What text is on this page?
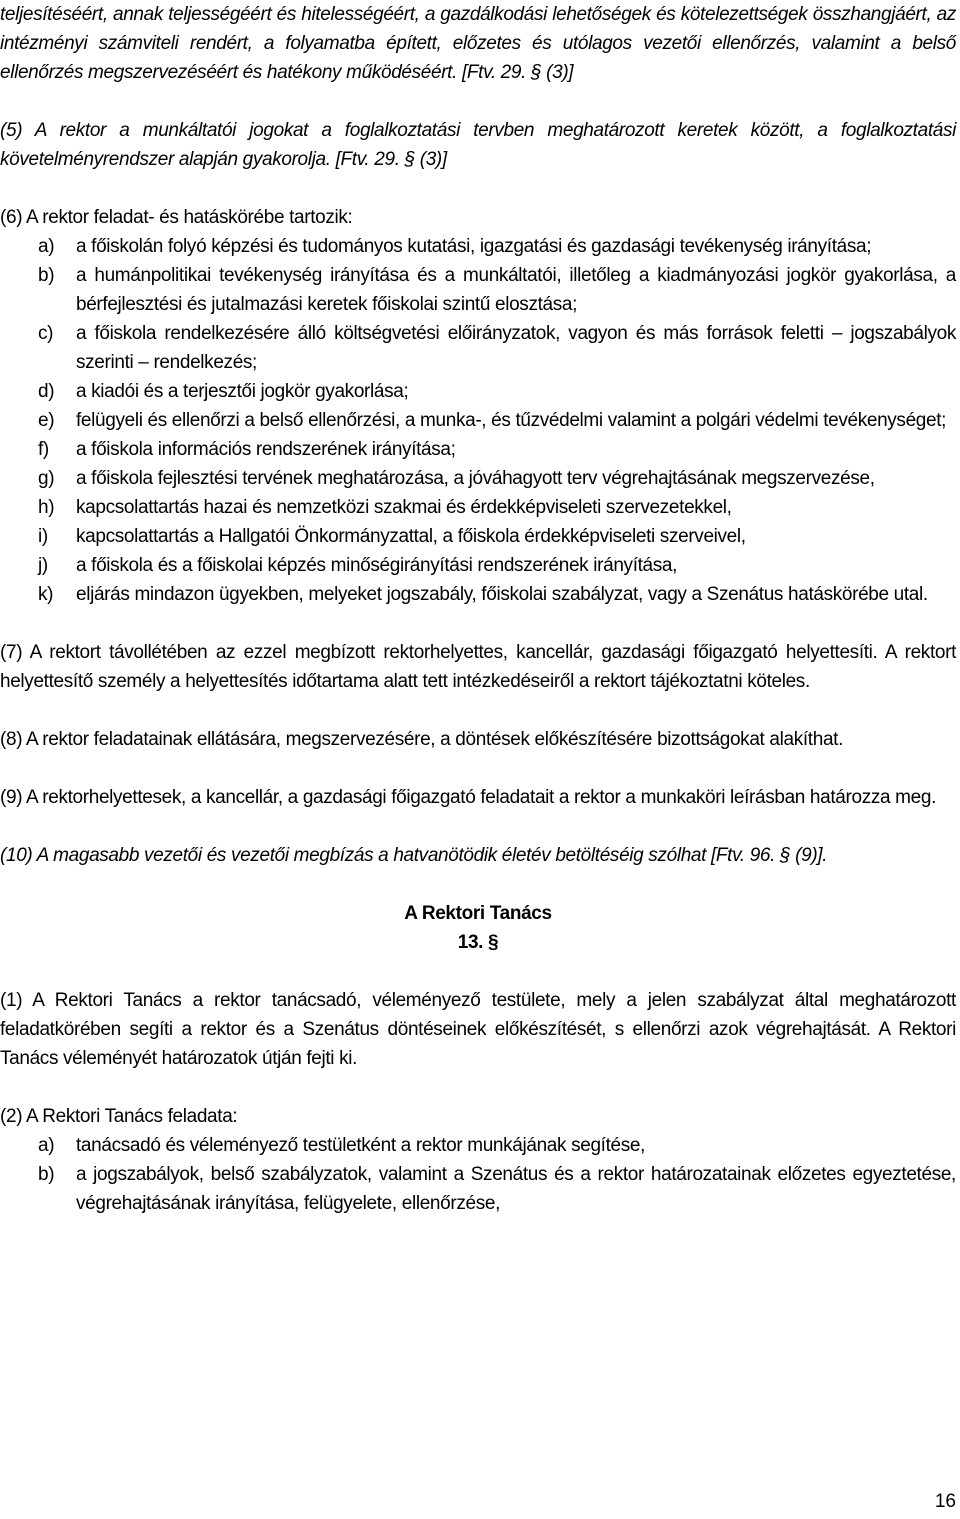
teljesítéséért, annak teljességéért és hitelességéért, a gazdálkodási lehetőségek és kötelezettségek összhangjáért, az intézményi számviteli rendért, a folyamatba épített, előzetes és utólagos vezetői ellenőrzés, valamint a belső ellenőrzés megszervezéséért és hatékony működéséért. [Ftv. 29. § (3)]

(5) A rektor a munkáltatói jogokat a foglalkoztatási tervben meghatározott keretek között, a foglalkoztatási követelményrendszer alapján gyakorolja. [Ftv. 29. § (3)]

(6) A rektor feladat- és hatáskörébe tartozik:

a) a főiskolán folyó képzési és tudományos kutatási, igazgatási és gazdasági tevékenység irányítása;
b) a humánpolitikai tevékenység irányítása és a munkáltatói, illetőleg a kiadmányozási jogkör gyakorlása, a bérfejlesztési és jutalmazási keretek főiskolai szintű elosztása;
c) a főiskola rendelkezésére álló költségvetési előirányzatok, vagyon és más források feletti – jogszabályok szerinti – rendelkezés;
d) a kiadói és a terjesztői jogkör gyakorlása;
e) felügyeli és ellenőrzi a belső ellenőrzési, a munka-, és tűzvédelmi valamint a polgári védelmi tevékenységet;
f) a főiskola információs rendszerének irányítása;
g) a főiskola fejlesztési tervének meghatározása, a jóváhagyott terv végrehajtásának megszervezése,
h) kapcsolattartás hazai és nemzetközi szakmai és érdekképviseleti szervezetekkel,
i) kapcsolattartás a Hallgatói Önkormányzattal, a főiskola érdekképviseleti szerveivel,
j) a főiskola és a főiskolai képzés minőségirányítási rendszerének irányítása,
k) eljárás mindazon ügyekben, melyeket jogszabály, főiskolai szabályzat, vagy a Szenátus hatáskörébe utal.

(7) A rektort távollétében az ezzel megbízott rektorhelyettes, kancellár, gazdasági főigazgató helyettesíti. A rektort helyettesítő személy a helyettesítés időtartama alatt tett intézkedéseiről a rektort tájékoztatni köteles.

(8) A rektor feladatainak ellátására, megszervezésére, a döntések előkészítésére bizottságokat alakíthat.

(9) A rektorhelyettesek, a kancellár, a gazdasági főigazgató feladatait a rektor a munkaköri leírásban határozza meg.

(10) A magasabb vezetői és vezetői megbízás a hatvanötödik életév betöltéséig szólhat [Ftv. 96. § (9)].

A Rektori Tanács
13. §

(1) A Rektori Tanács a rektor tanácsadó, véleményező testülete, mely a jelen szabályzat által meghatározott feladatkörében segíti a rektor és a Szenátus döntéseinek előkészítését, s ellenőrzi azok végrehajtását. A Rektori Tanács véleményét határozatok útján fejti ki.

(2) A Rektori Tanács feladata:

a) tanácsadó és véleményező testületként a rektor munkájának segítése,
b) a jogszabályok, belső szabályzatok, valamint a Szenátus és a rektor határozatainak előzetes egyeztetése, végrehajtásának irányítása, felügyelete, ellenőrzése,
16
